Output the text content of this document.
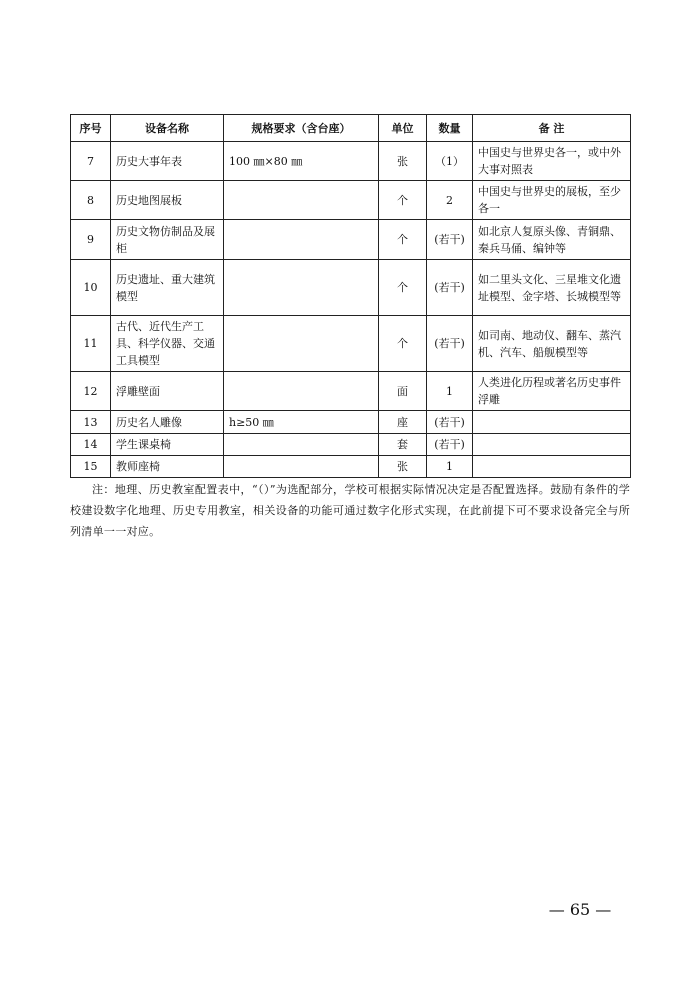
序号	设备名称	规格要求（含台座）	单位	数量	备 注
7	历史大事年表	100 ㎜×80 ㎜	张	（1）	中国史与世界史各一，或中外大事对照表
8	历史地图展板		个	2	中国史与世界史的展板，至少各一
9	历史文物仿制品及展柜		个	(若干)	如北京人复原头像、青铜鼎、秦兵马俑、编钟等
10	历史遗址、重大建筑模型		个	(若干)	如二里头文化、三星堆文化遗址模型、金字塔、长城模型等
11	古代、近代生产工具、科学仪器、交通工具模型		个	(若干)	如司南、地动仪、翻车、蒸汽机、汽车、船舰模型等
12	浮雕壁面		面	1	人类进化历程或著名历史事件浮雕
13	历史名人雕像	h≥50 ㎜	座	(若干)	
14	学生课桌椅		套	(若干)	
15	教师座椅		张	1	

注：地理、历史教室配置表中，“（）”为选配部分，学校可根据实际情况决定是否配置选择。鼓励有条件的学校建设数字化地理、历史专用教室，相关设备的功能可通过数字化形式实现，在此前提下可不要求设备完全与所列清单一一对应。

— 65 —
